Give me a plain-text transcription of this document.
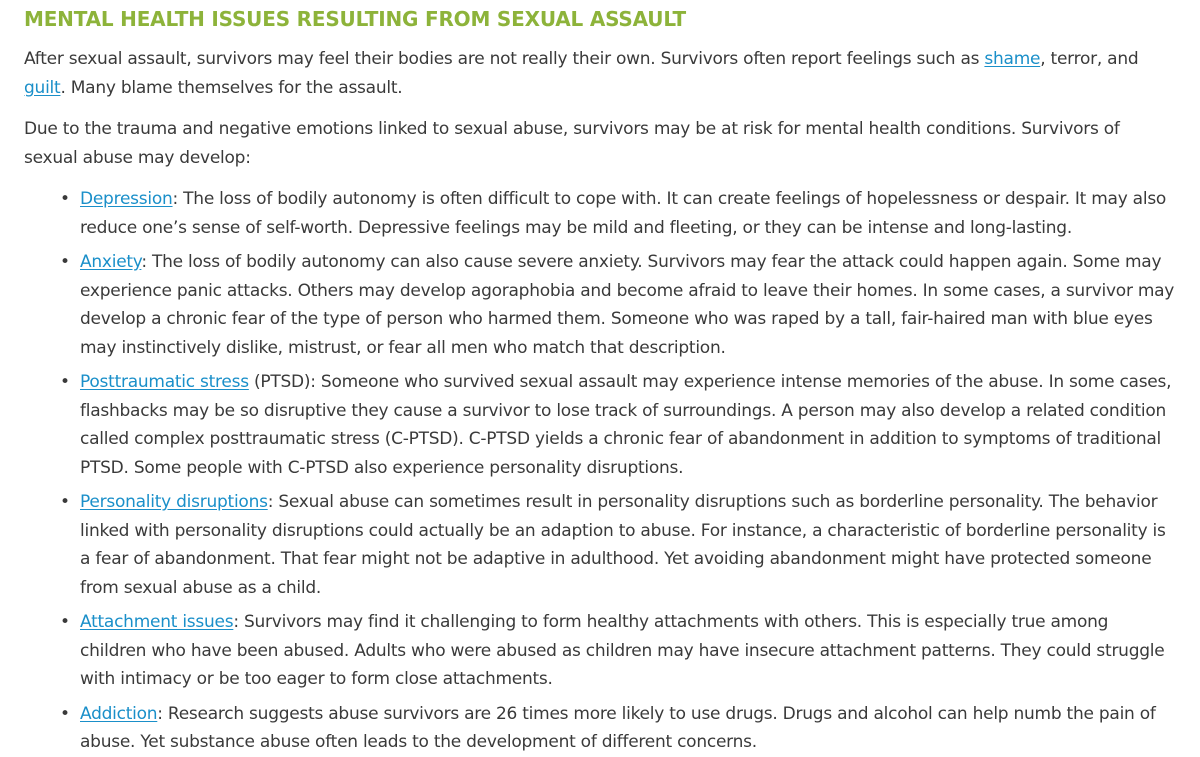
MENTAL HEALTH ISSUES RESULTING FROM SEXUAL ASSAULT

After sexual assault, survivors may feel their bodies are not really their own. Survivors often report feelings such as shame, terror, and guilt. Many blame themselves for the assault.

Due to the trauma and negative emotions linked to sexual abuse, survivors may be at risk for mental health conditions. Survivors of sexual abuse may develop:

• Depression: The loss of bodily autonomy is often difficult to cope with. It can create feelings of hopelessness or despair. It may also reduce one’s sense of self-worth. Depressive feelings may be mild and fleeting, or they can be intense and long-lasting.
• Anxiety: The loss of bodily autonomy can also cause severe anxiety. Survivors may fear the attack could happen again. Some may experience panic attacks. Others may develop agoraphobia and become afraid to leave their homes. In some cases, a survivor may develop a chronic fear of the type of person who harmed them. Someone who was raped by a tall, fair-haired man with blue eyes may instinctively dislike, mistrust, or fear all men who match that description.
• Posttraumatic stress (PTSD): Someone who survived sexual assault may experience intense memories of the abuse. In some cases, flashbacks may be so disruptive they cause a survivor to lose track of surroundings. A person may also develop a related condition called complex posttraumatic stress (C-PTSD). C-PTSD yields a chronic fear of abandonment in addition to symptoms of traditional PTSD. Some people with C-PTSD also experience personality disruptions.
• Personality disruptions: Sexual abuse can sometimes result in personality disruptions such as borderline personality. The behavior linked with personality disruptions could actually be an adaption to abuse. For instance, a characteristic of borderline personality is a fear of abandonment. That fear might not be adaptive in adulthood. Yet avoiding abandonment might have protected someone from sexual abuse as a child.
• Attachment issues: Survivors may find it challenging to form healthy attachments with others. This is especially true among children who have been abused. Adults who were abused as children may have insecure attachment patterns. They could struggle with intimacy or be too eager to form close attachments.
• Addiction: Research suggests abuse survivors are 26 times more likely to use drugs. Drugs and alcohol can help numb the pain of abuse. Yet substance abuse often leads to the development of different concerns.
